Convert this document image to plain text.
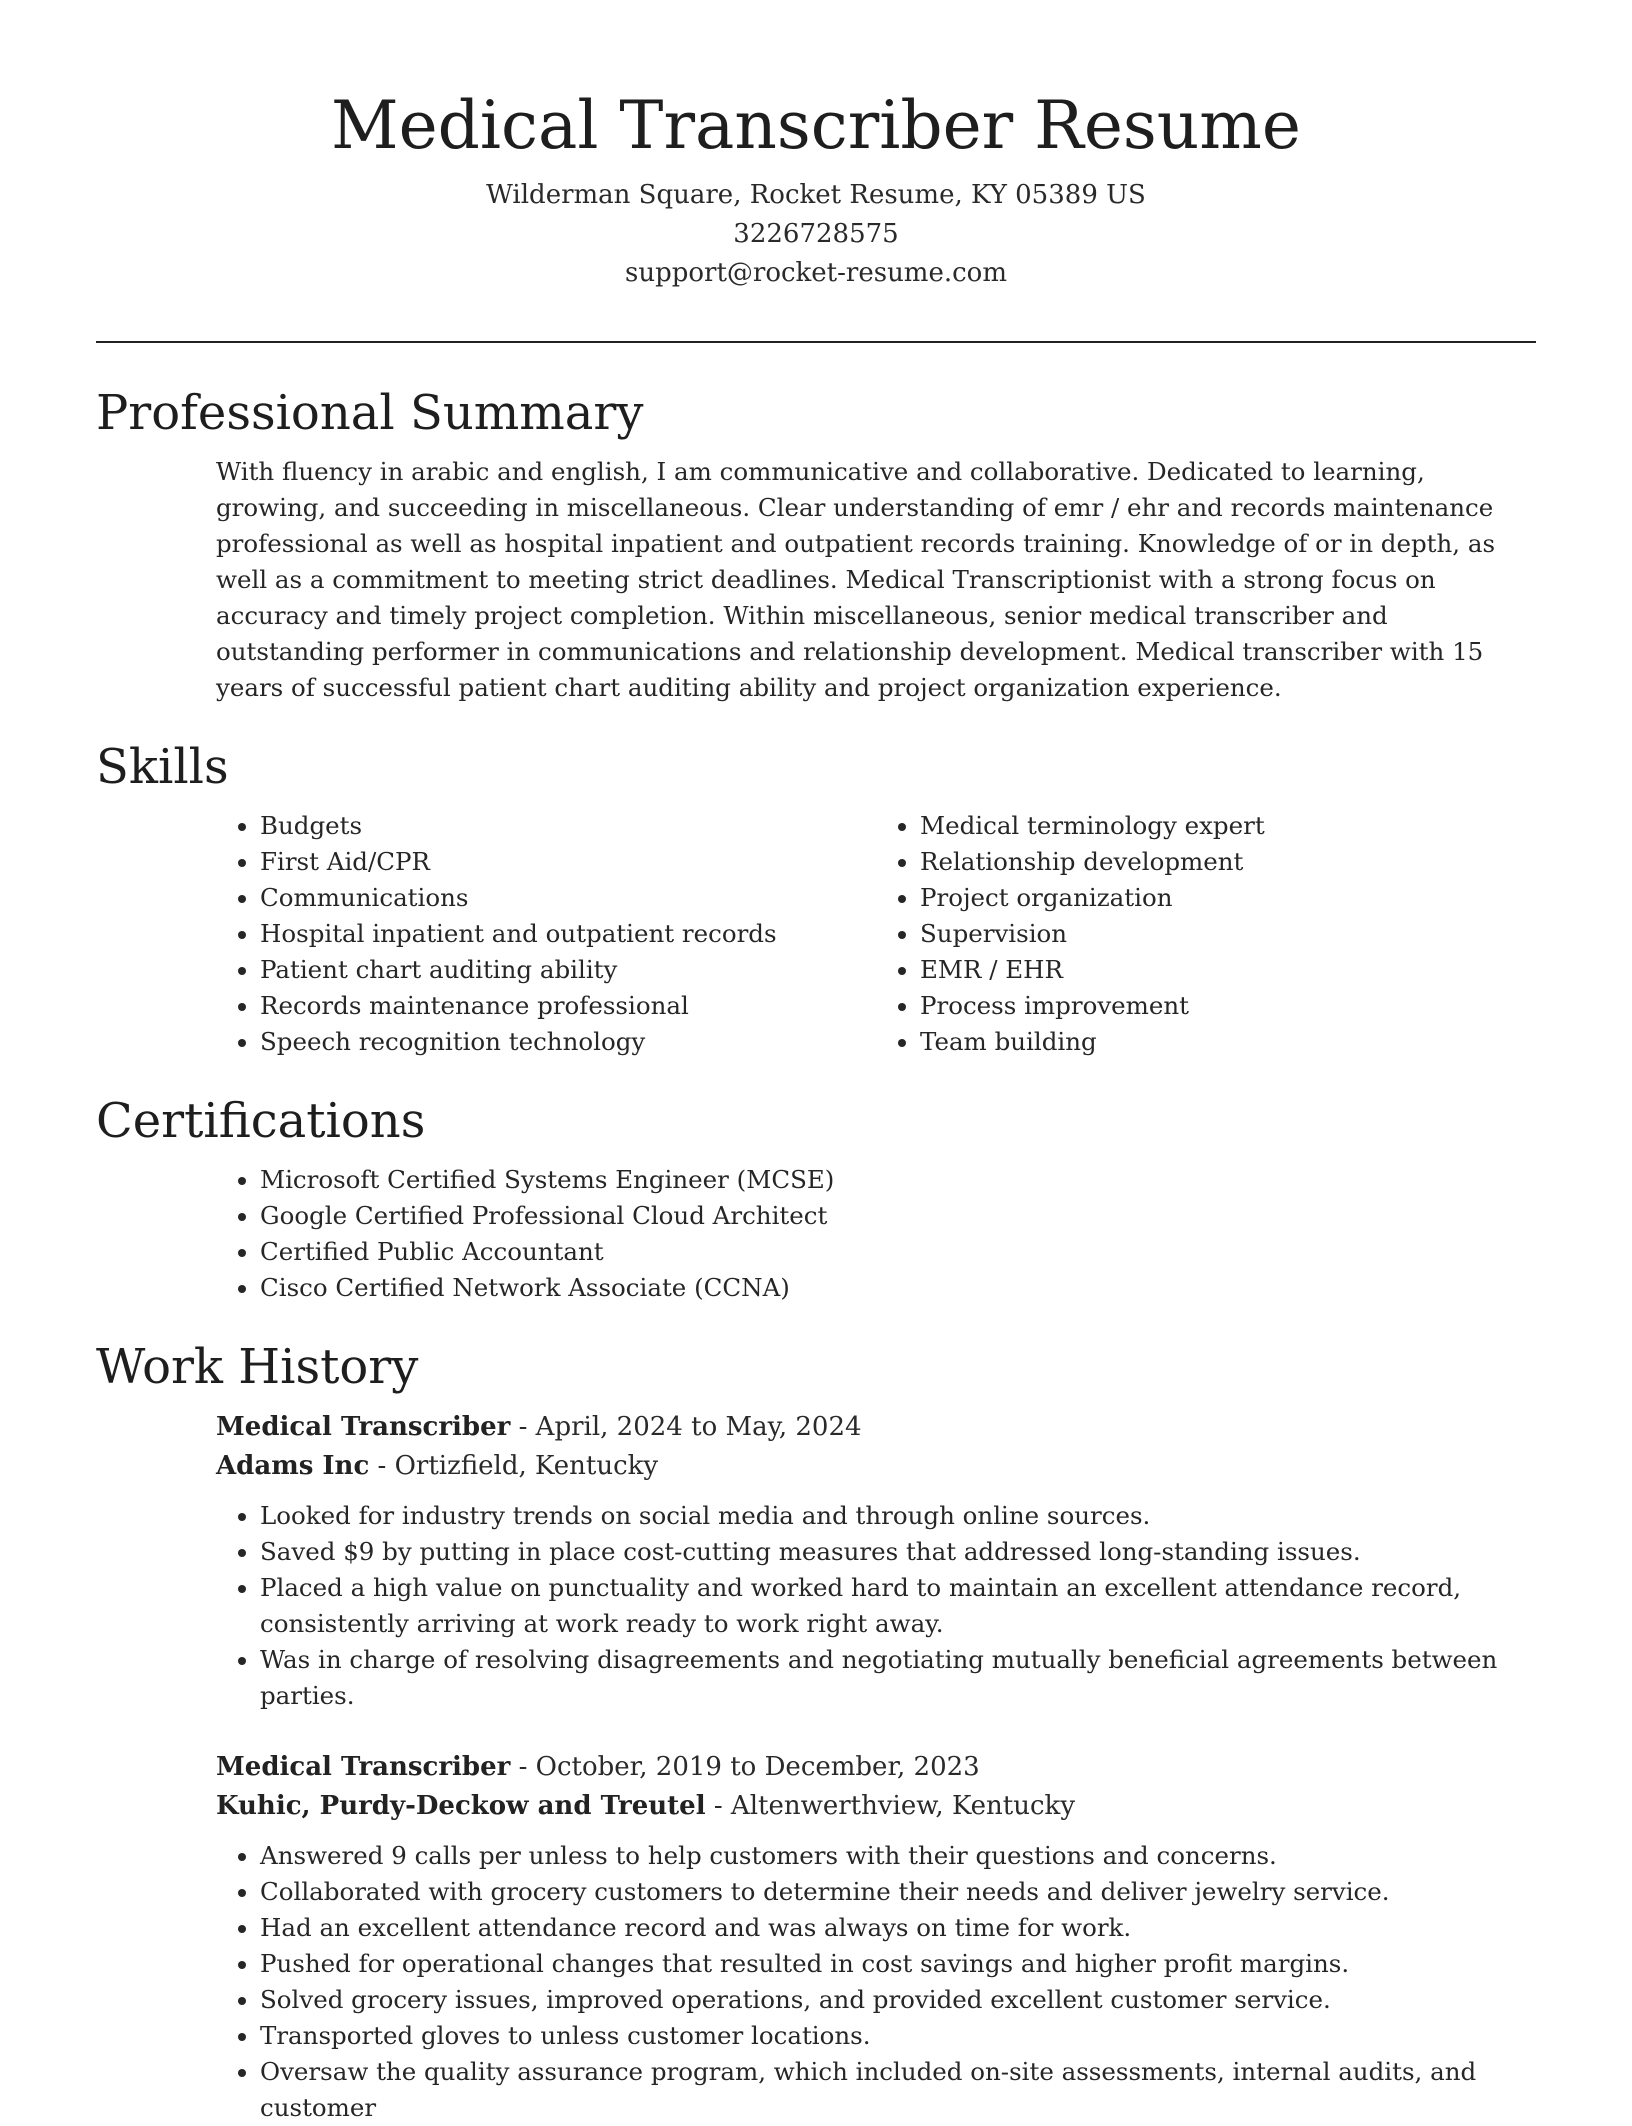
Medical Transcriber Resume
Wilderman Square, Rocket Resume, KY 05389 US
3226728575
support@rocket-resume.com
Professional Summary

With fluency in arabic and english, I am communicative and collaborative. Dedicated to learning, growing, and succeeding in miscellaneous. Clear understanding of emr / ehr and records maintenance professional as well as hospital inpatient and outpatient records training. Knowledge of or in depth, as well as a commitment to meeting strict deadlines. Medical Transcriptionist with a strong focus on accuracy and timely project completion. Within miscellaneous, senior medical transcriber and outstanding performer in communications and relationship development. Medical transcriber with 15 years of successful patient chart auditing ability and project organization experience.

Skills
• Budgets
• First Aid/CPR
• Communications
• Hospital inpatient and outpatient records
• Patient chart auditing ability
• Records maintenance professional
• Speech recognition technology
• Medical terminology expert
• Relationship development
• Project organization
• Supervision
• EMR / EHR
• Process improvement
• Team building
Certifications
• Microsoft Certified Systems Engineer (MCSE)
• Google Certified Professional Cloud Architect
• Certified Public Accountant
• Cisco Certified Network Associate (CCNA)
Work History
Medical Transcriber - April, 2024 to May, 2024
Adams Inc - Ortizfield, Kentucky
• Looked for industry trends on social media and through online sources.
• Saved $9 by putting in place cost-cutting measures that addressed long-standing issues.
• Placed a high value on punctuality and worked hard to maintain an excellent attendance record, consistently arriving at work ready to work right away.
• Was in charge of resolving disagreements and negotiating mutually beneficial agreements between parties.
Medical Transcriber - October, 2019 to December, 2023
Kuhic, Purdy-Deckow and Treutel - Altenwerthview, Kentucky
• Answered 9 calls per unless to help customers with their questions and concerns.
• Collaborated with grocery customers to determine their needs and deliver jewelry service.
• Had an excellent attendance record and was always on time for work.
• Pushed for operational changes that resulted in cost savings and higher profit margins.
• Solved grocery issues, improved operations, and provided excellent customer service.
• Transported gloves to unless customer locations.
• Oversaw the quality assurance program, which included on-site assessments, internal audits, and customer
